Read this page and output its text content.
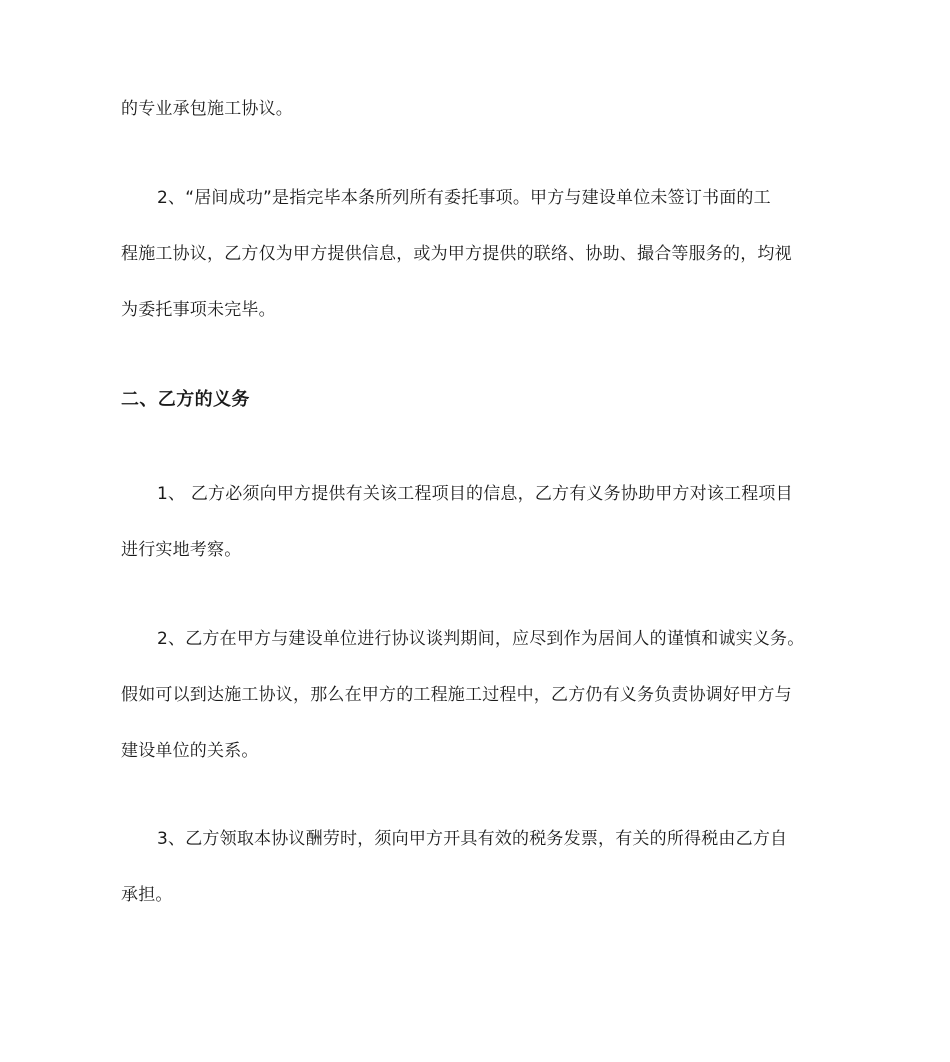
的专业承包施工协议。
2、“居间成功”是指完毕本条所列所有委托事项。甲方与建设单位未签订书面的工
程施工协议，乙方仅为甲方提供信息，或为甲方提供的联络、协助、撮合等服务的，均视
为委托事项未完毕。
二、乙方的义务
1、 乙方必须向甲方提供有关该工程项目的信息，乙方有义务协助甲方对该工程项目
进行实地考察。
2、乙方在甲方与建设单位进行协议谈判期间，应尽到作为居间人的谨慎和诚实义务。
假如可以到达施工协议，那么在甲方的工程施工过程中，乙方仍有义务负责协调好甲方与
建设单位的关系。
3、乙方领取本协议酬劳时，须向甲方开具有效的税务发票，有关的所得税由乙方自
承担。
